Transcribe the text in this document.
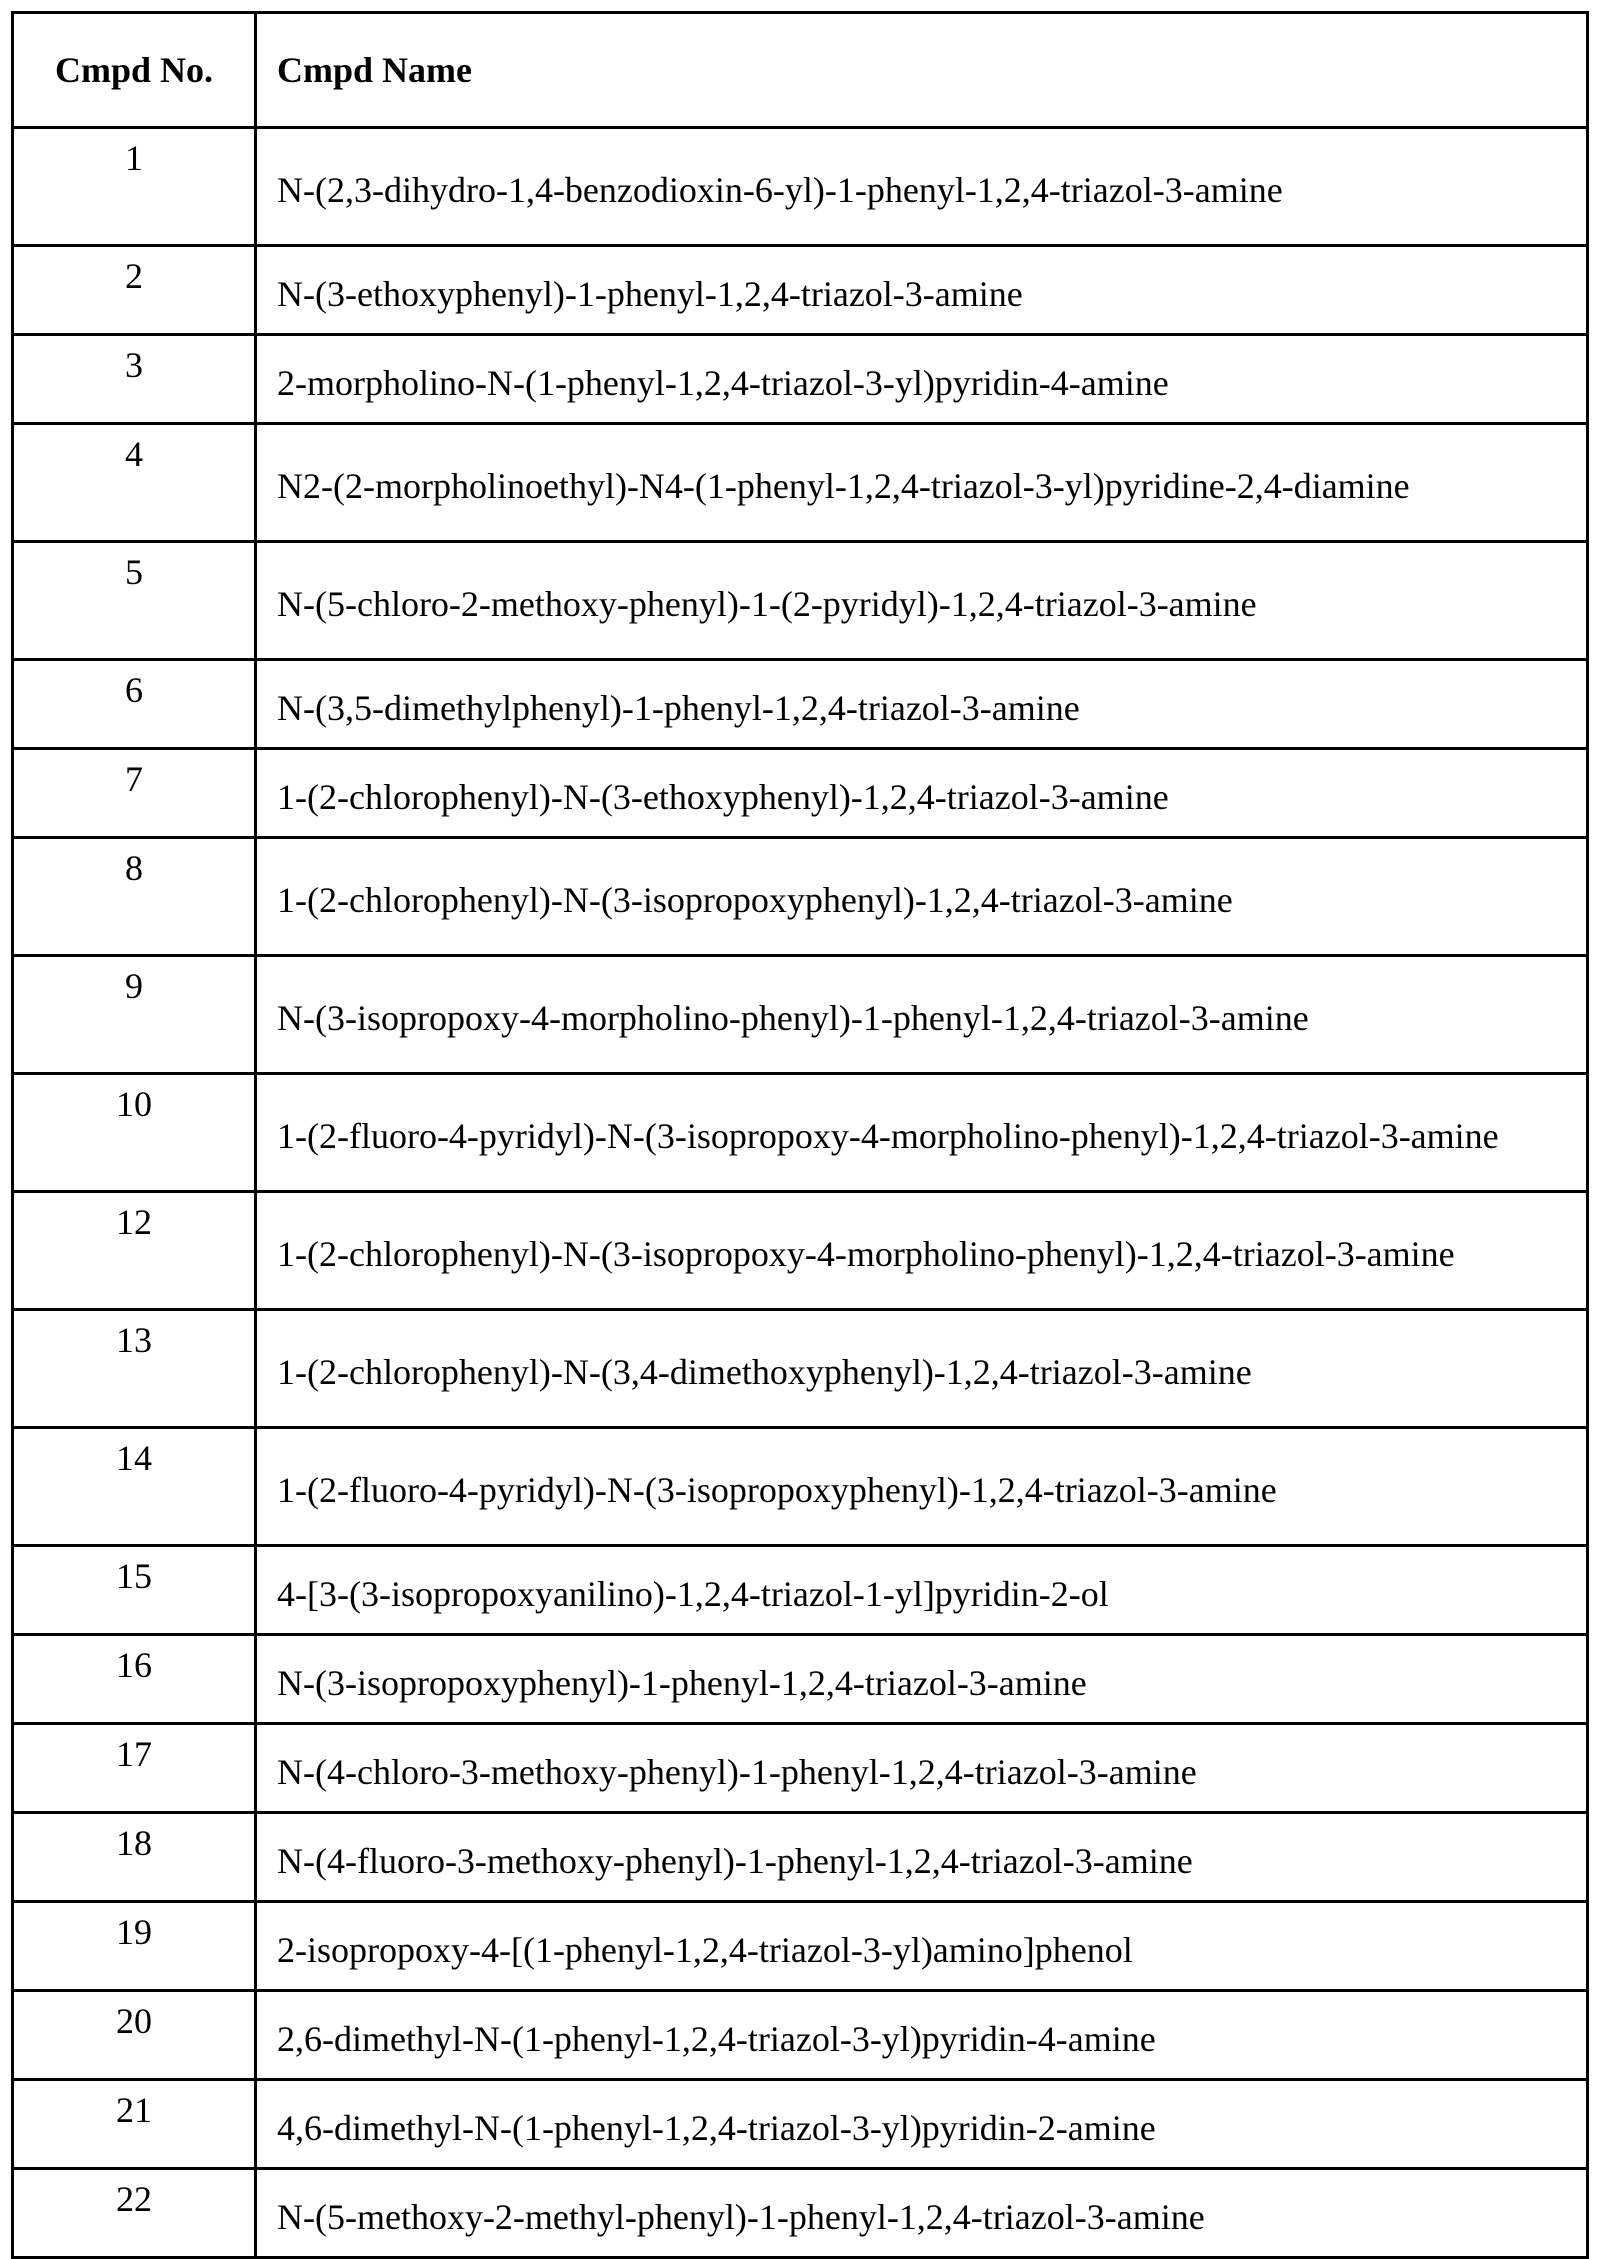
Cmpd No.	Cmpd Name
1	N-(2,3-dihydro-1,4-benzodioxin-6-yl)-1-phenyl-1,2,4-triazol-3-amine
2	N-(3-ethoxyphenyl)-1-phenyl-1,2,4-triazol-3-amine
3	2-morpholino-N-(1-phenyl-1,2,4-triazol-3-yl)pyridin-4-amine
4	N2-(2-morpholinoethyl)-N4-(1-phenyl-1,2,4-triazol-3-yl)pyridine-2,4-diamine
5	N-(5-chloro-2-methoxy-phenyl)-1-(2-pyridyl)-1,2,4-triazol-3-amine
6	N-(3,5-dimethylphenyl)-1-phenyl-1,2,4-triazol-3-amine
7	1-(2-chlorophenyl)-N-(3-ethoxyphenyl)-1,2,4-triazol-3-amine
8	1-(2-chlorophenyl)-N-(3-isopropoxyphenyl)-1,2,4-triazol-3-amine
9	N-(3-isopropoxy-4-morpholino-phenyl)-1-phenyl-1,2,4-triazol-3-amine
10	1-(2-fluoro-4-pyridyl)-N-(3-isopropoxy-4-morpholino-phenyl)-1,2,4-triazol-3-amine
12	1-(2-chlorophenyl)-N-(3-isopropoxy-4-morpholino-phenyl)-1,2,4-triazol-3-amine
13	1-(2-chlorophenyl)-N-(3,4-dimethoxyphenyl)-1,2,4-triazol-3-amine
14	1-(2-fluoro-4-pyridyl)-N-(3-isopropoxyphenyl)-1,2,4-triazol-3-amine
15	4-[3-(3-isopropoxyanilino)-1,2,4-triazol-1-yl]pyridin-2-ol
16	N-(3-isopropoxyphenyl)-1-phenyl-1,2,4-triazol-3-amine
17	N-(4-chloro-3-methoxy-phenyl)-1-phenyl-1,2,4-triazol-3-amine
18	N-(4-fluoro-3-methoxy-phenyl)-1-phenyl-1,2,4-triazol-3-amine
19	2-isopropoxy-4-[(1-phenyl-1,2,4-triazol-3-yl)amino]phenol
20	2,6-dimethyl-N-(1-phenyl-1,2,4-triazol-3-yl)pyridin-4-amine
21	4,6-dimethyl-N-(1-phenyl-1,2,4-triazol-3-yl)pyridin-2-amine
22	N-(5-methoxy-2-methyl-phenyl)-1-phenyl-1,2,4-triazol-3-amine
